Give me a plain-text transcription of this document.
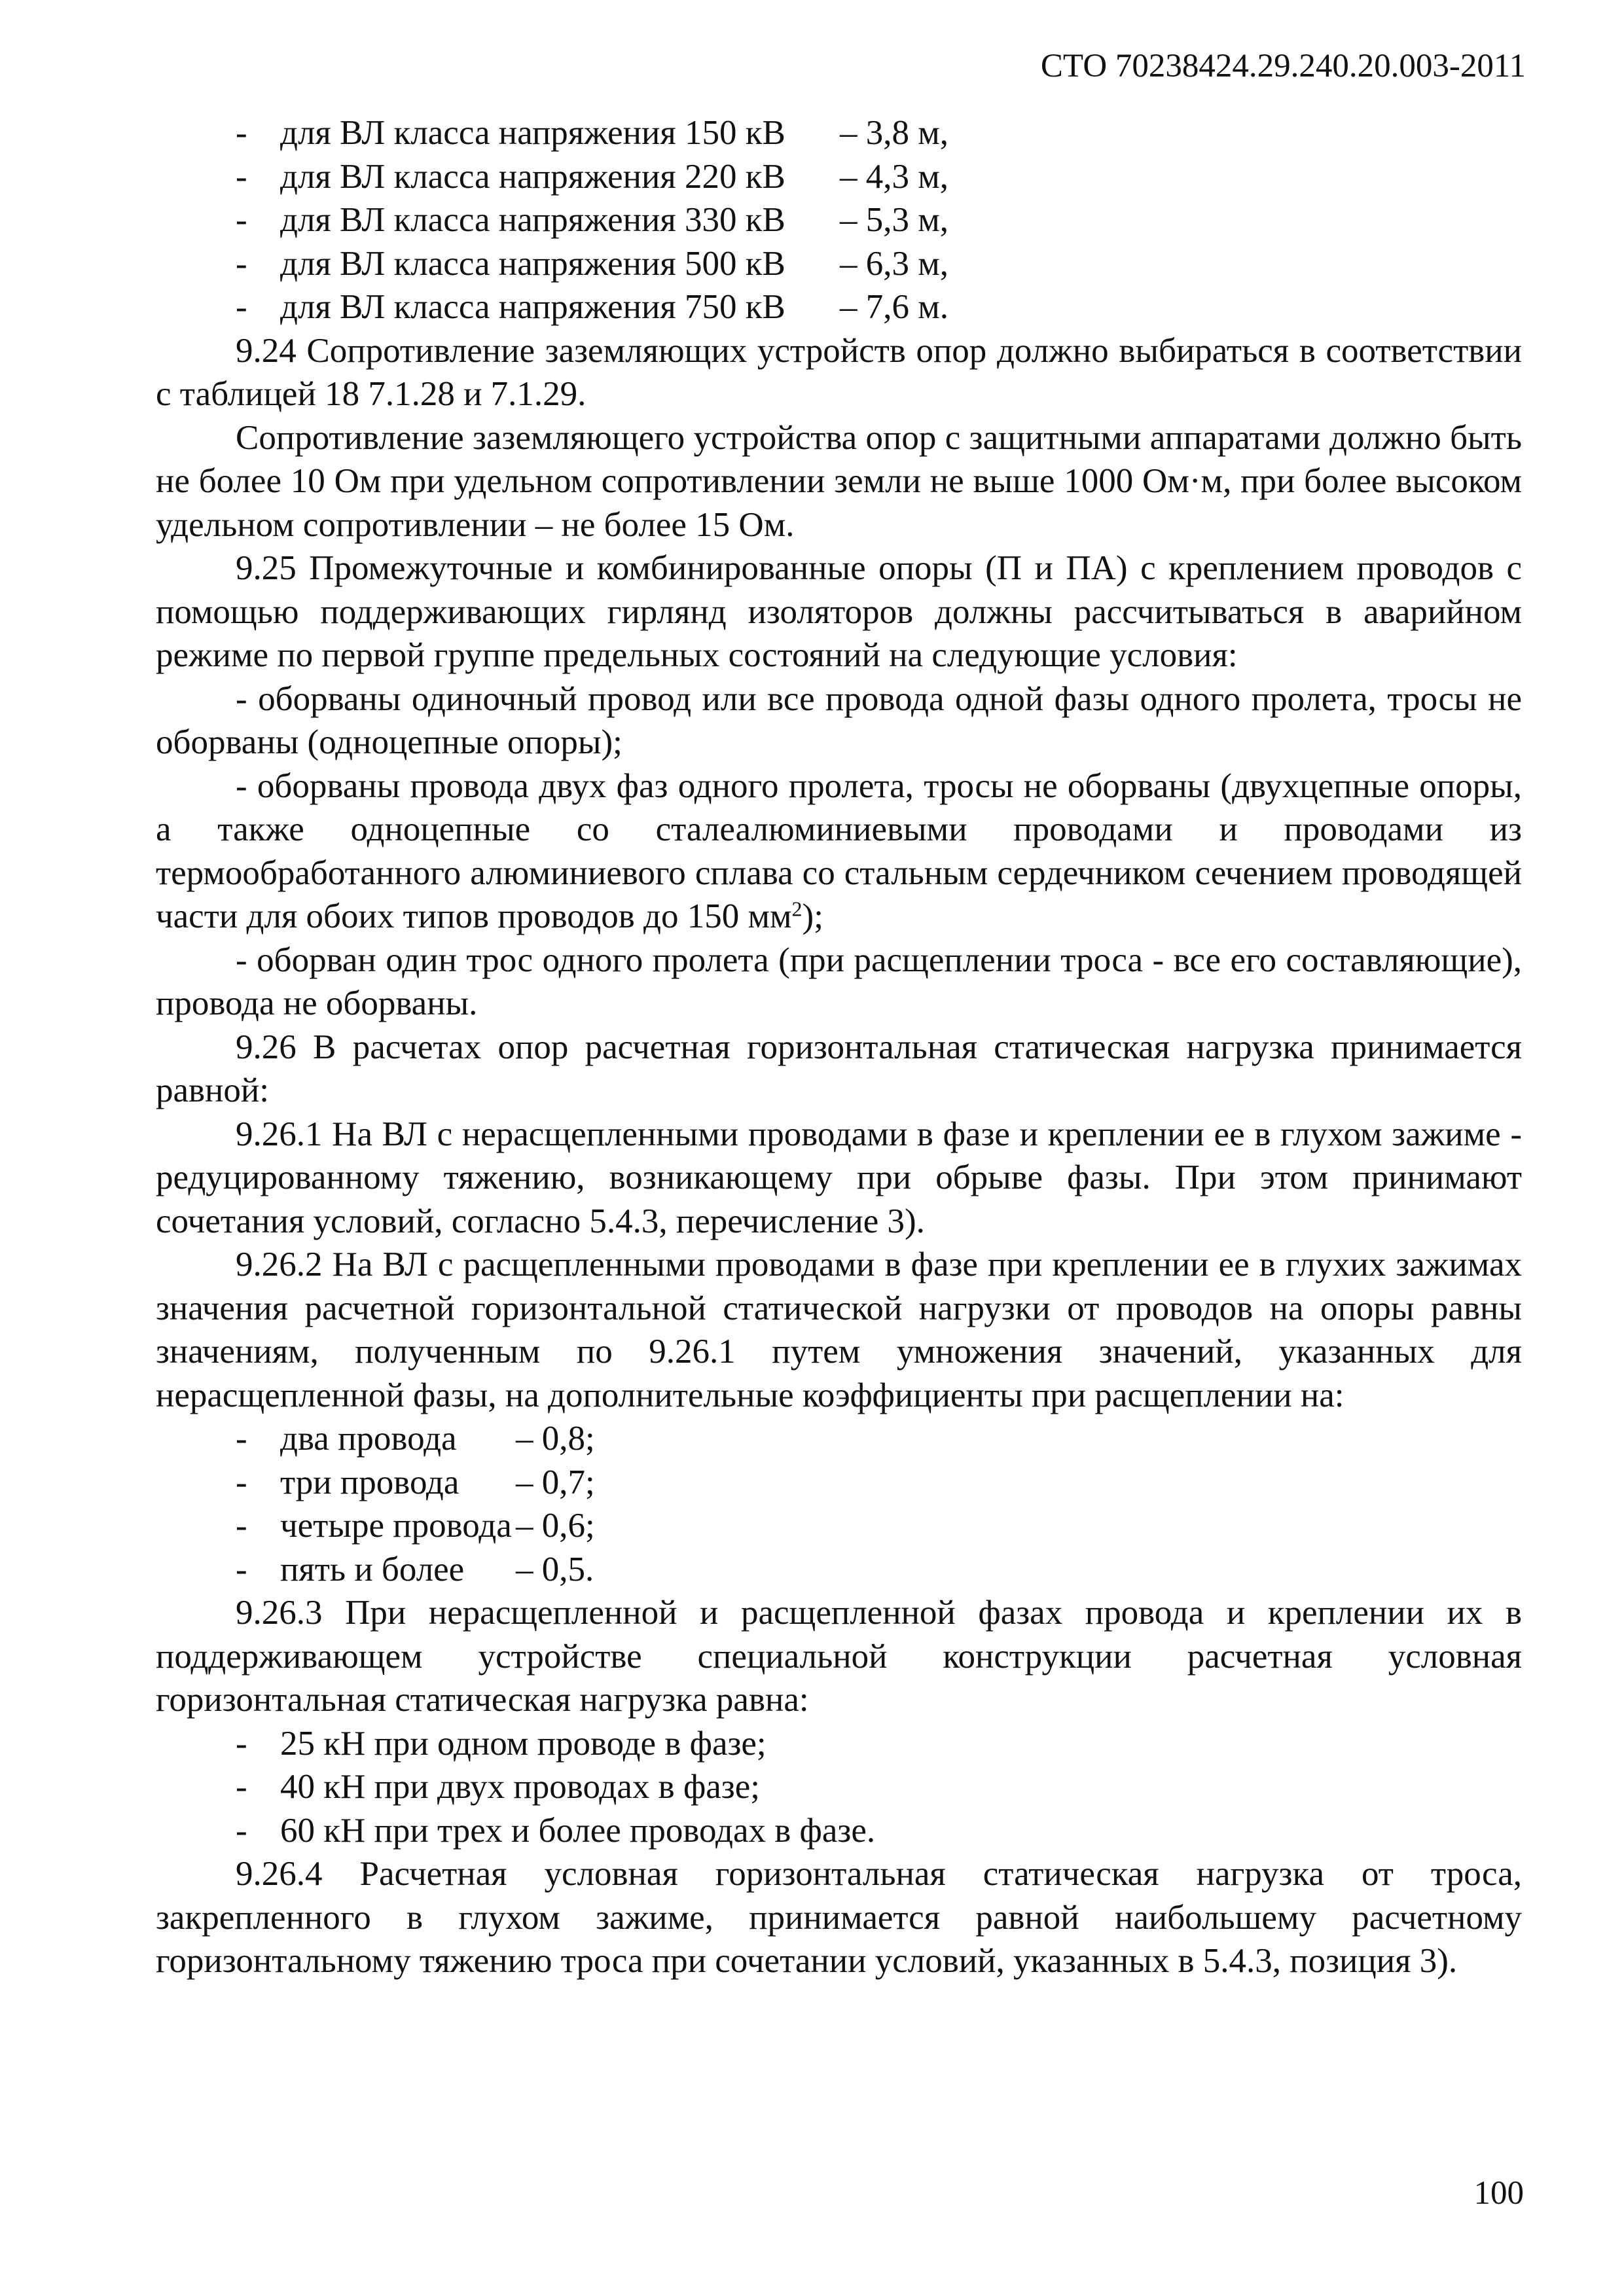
СТО 70238424.29.240.20.003-2011
- для ВЛ класса напряжения 150 кВ	– 3,8 м,
- для ВЛ класса напряжения 220 кВ	– 4,3 м,
- для ВЛ класса напряжения 330 кВ	– 5,3 м,
- для ВЛ класса напряжения 500 кВ	– 6,3 м,
- для ВЛ класса напряжения 750 кВ	– 7,6 м.

9.24 Сопротивление заземляющих устройств опор должно выбираться в соответствии с таблицей 18 7.1.28 и 7.1.29.

Сопротивление заземляющего устройства опор с защитными аппаратами должно быть не более 10 Ом при удельном сопротивлении земли не выше 1000 Ом·м, при более высоком удельном сопротивлении – не более 15 Ом.

9.25 Промежуточные и комбинированные опоры (П и ПА) с креплением проводов с помощью поддерживающих гирлянд изоляторов должны рассчитываться в аварийном режиме по первой группе предельных состояний на следующие условия:

- оборваны одиночный провод или все провода одной фазы одного пролета, тросы не оборваны (одноцепные опоры);

- оборваны провода двух фаз одного пролета, тросы не оборваны (двухцепные опоры, а также одноцепные со сталеалюминиевыми проводами и проводами из термообработанного алюминиевого сплава со стальным сердечником сечением проводящей части для обоих типов проводов до 150 $мм^2$);

- оборван один трос одного пролета (при расщеплении троса - все его составляющие), провода не оборваны.

9.26 В расчетах опор расчетная горизонтальная статическая нагрузка принимается равной:

9.26.1 На ВЛ с нерасщепленными проводами в фазе и креплении ее в глухом зажиме - редуцированному тяжению, возникающему при обрыве фазы. При этом принимают сочетания условий, согласно 5.4.3, перечисление 3).

9.26.2 На ВЛ с расщепленными проводами в фазе при креплении ее в глухих зажимах значения расчетной горизонтальной статической нагрузки от проводов на опоры равны значениям, полученным по 9.26.1 путем умножения значений, указанных для нерасщепленной фазы, на дополнительные коэффициенты при расщеплении на:

- два провода	– 0,8;
- три провода	– 0,7;
- четыре провода – 0,6;
- пять и более	– 0,5.

9.26.3 При нерасщепленной и расщепленной фазах провода и креплении их в поддерживающем устройстве специальной конструкции расчетная условная горизонтальная статическая нагрузка равна:

- 25 кН при одном проводе в фазе;
- 40 кН при двух проводах в фазе;
- 60 кН при трех и более проводах в фазе.

9.26.4 Расчетная условная горизонтальная статическая нагрузка от троса, закрепленного в глухом зажиме, принимается равной наибольшему расчетному горизонтальному тяжению троса при сочетании условий, указанных в 5.4.3, позиция 3).

100
